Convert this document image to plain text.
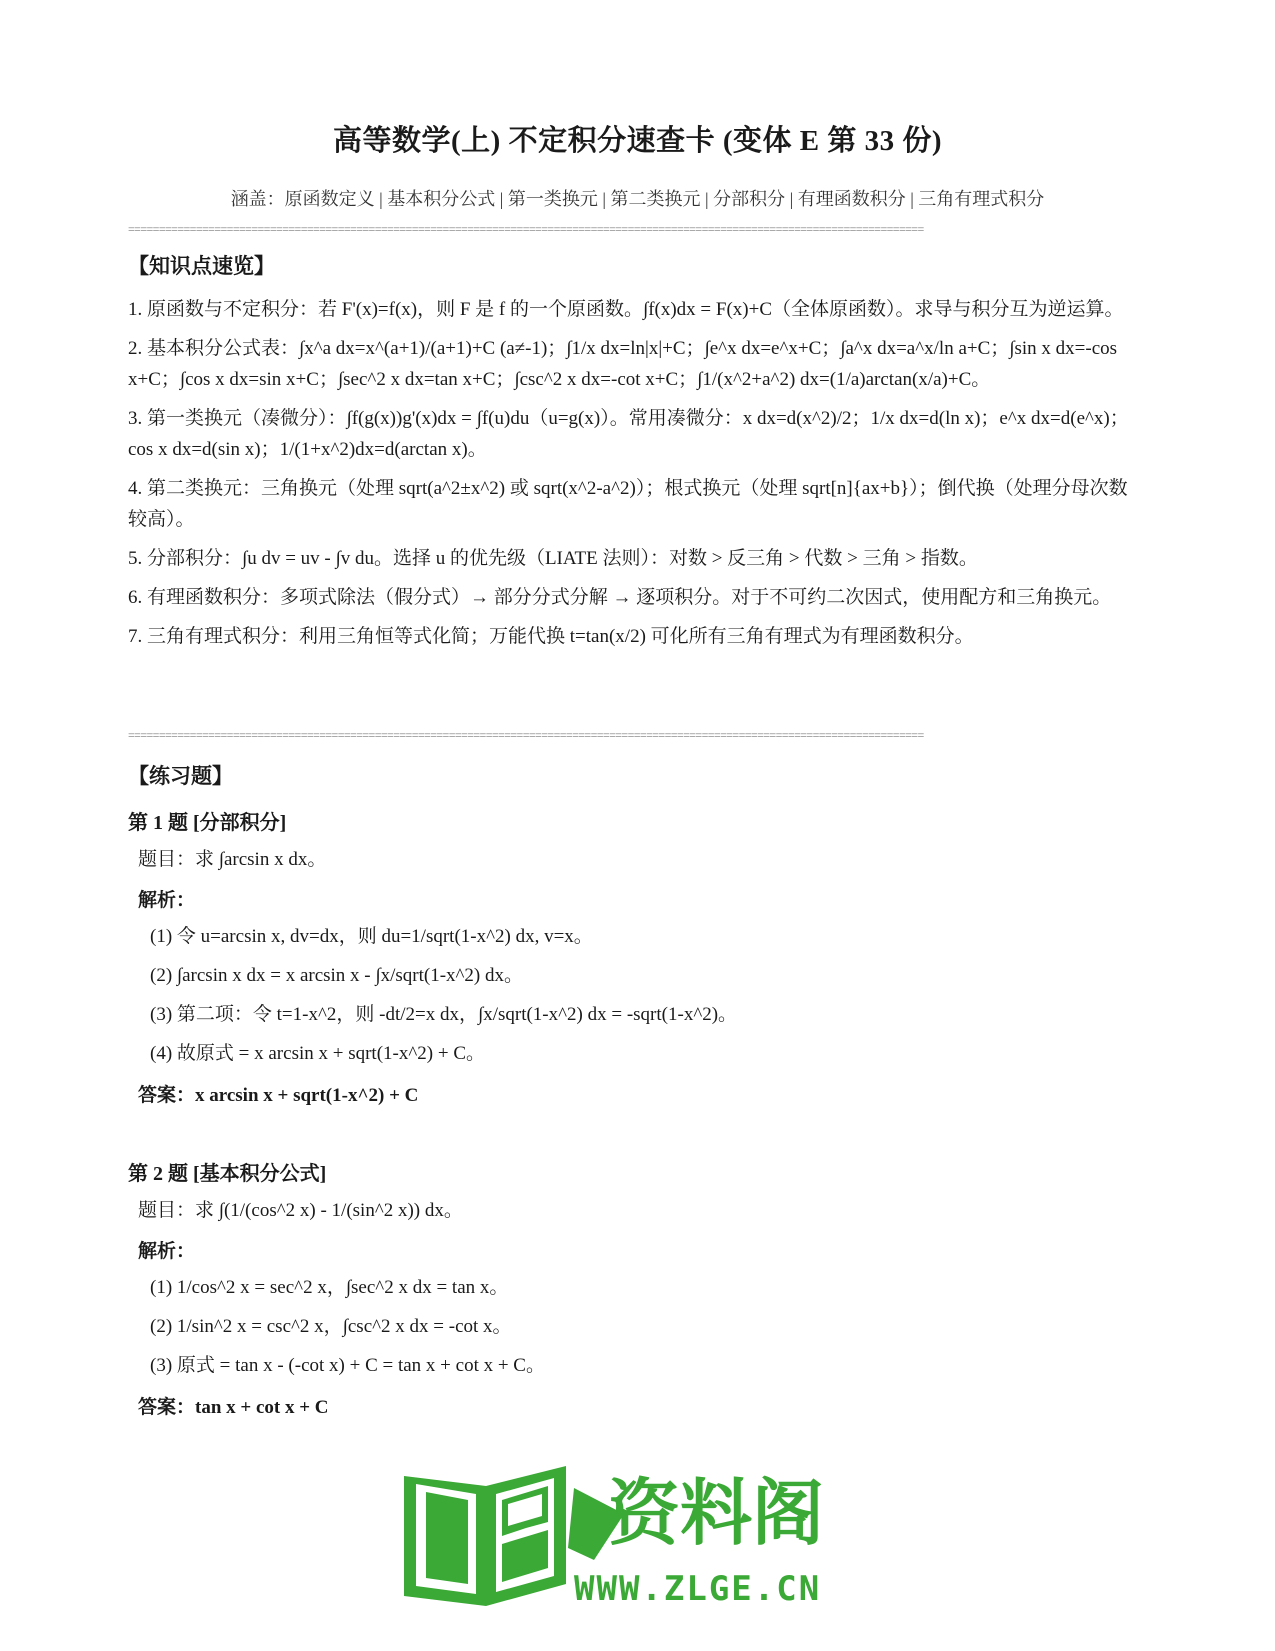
高等数学(上) 不定积分速查卡 (变体 E 第 33 份)
涵盖：原函数定义 | 基本积分公式 | 第一类换元 | 第二类换元 | 分部积分 | 有理函数积分 | 三角有理式积分
=================================================================================================================================

【知识点速览】

1. 原函数与不定积分：若 F'(x)=f(x)，则 F 是 f 的一个原函数。∫f(x)dx = F(x)+C（全体原函数）。求导与积分互为逆运算。

2. 基本积分公式表：∫x^a dx=x^(a+1)/(a+1)+C (a≠-1)；∫1/x dx=ln|x|+C；∫e^x dx=e^x+C；∫a^x dx=a^x/ln a+C；∫sin x dx=-cos x+C；∫cos x dx=sin x+C；∫sec^2 x dx=tan x+C；∫csc^2 x dx=-cot x+C；∫1/(x^2+a^2) dx=(1/a)arctan(x/a)+C。

3. 第一类换元（凑微分）：∫f(g(x))g'(x)dx = ∫f(u)du（u=g(x)）。常用凑微分：x dx=d(x^2)/2；1/x dx=d(ln x)；e^x dx=d(e^x)；cos x dx=d(sin x)；1/(1+x^2)dx=d(arctan x)。

4. 第二类换元：三角换元（处理 sqrt(a^2±x^2) 或 sqrt(x^2-a^2)）；根式换元（处理 sqrt[n]{ax+b}）；倒代换（处理分母次数较高）。

5. 分部积分：∫u dv = uv - ∫v du。选择 u 的优先级（LIATE 法则）：对数 > 反三角 > 代数 > 三角 > 指数。

6. 有理函数积分：多项式除法（假分式）→ 部分分式分解 → 逐项积分。对于不可约二次因式，使用配方和三角换元。

7. 三角有理式积分：利用三角恒等式化简；万能代换 t=tan(x/2) 可化所有三角有理式为有理函数积分。

=================================================================================================================================

【练习题】

第 1 题 [分部积分]

题目：求 ∫arcsin x dx。

解析：

(1) 令 u=arcsin x, dv=dx，则 du=1/sqrt(1-x^2) dx, v=x。

(2) ∫arcsin x dx = x arcsin x - ∫x/sqrt(1-x^2) dx。

(3) 第二项：令 t=1-x^2，则 -dt/2=x dx，∫x/sqrt(1-x^2) dx = -sqrt(1-x^2)。

(4) 故原式 = x arcsin x + sqrt(1-x^2) + C。

答案：x arcsin x + sqrt(1-x^2) + C

第 2 题 [基本积分公式]

题目：求 ∫(1/(cos^2 x) - 1/(sin^2 x)) dx。

解析：

(1) 1/cos^2 x = sec^2 x，∫sec^2 x dx = tan x。

(2) 1/sin^2 x = csc^2 x，∫csc^2 x dx = -cot x。

(3) 原式 = tan x - (-cot x) + C = tan x + cot x + C。

答案：tan x + cot x + C

资料阁
WWW.ZLGE.CN
